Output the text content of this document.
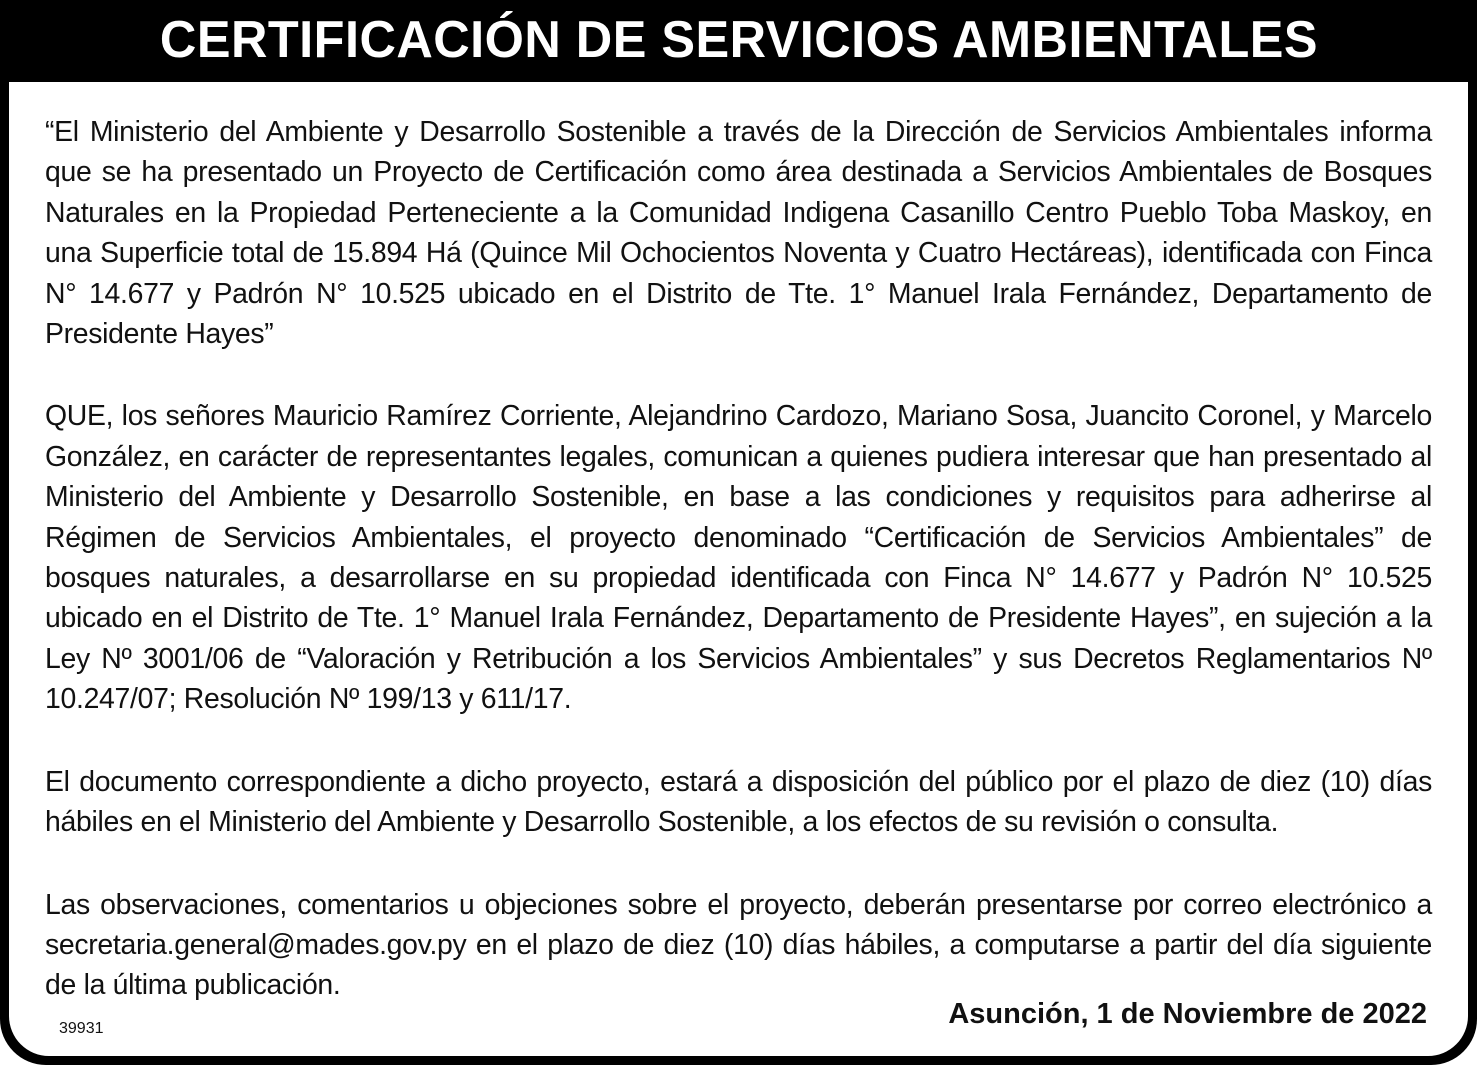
CERTIFICACIÓN DE SERVICIOS AMBIENTALES

“El Ministerio del Ambiente y Desarrollo Sostenible a través de la Dirección de Servicios Ambientales informa que se ha presentado un Proyecto de Certificación como área destinada a Servicios Ambientales de Bosques Naturales en la Propiedad Perteneciente a la Comunidad Indigena Casanillo Centro Pueblo Toba Maskoy, en una Superficie total de 15.894 Há (Quince Mil Ochocientos Noventa y Cuatro Hectáreas), identificada con Finca N° 14.677 y Padrón N° 10.525 ubicado en el Distrito de Tte. 1° Manuel Irala Fernández, Departamento de Presidente Hayes”

QUE, los señores Mauricio Ramírez Corriente, Alejandrino Cardozo, Mariano Sosa, Juancito Coronel, y Marcelo González, en carácter de representantes legales, comunican a quienes pudiera interesar que han presentado al Ministerio del Ambiente y Desarrollo Sostenible, en base a las condiciones y requisitos para adherirse al Régimen de Servicios Ambientales, el proyecto denominado “Certificación de Servicios Ambientales” de bosques naturales, a desarrollarse en su propiedad identificada con Finca N° 14.677 y Padrón N° 10.525 ubicado en el Distrito de Tte. 1° Manuel Irala Fernández, Departamento de Presidente Hayes”, en sujeción a la Ley Nº 3001/06 de “Valoración y Retribución a los Servicios Ambientales” y sus Decretos Reglamentarios Nº 10.247/07; Resolución Nº 199/13 y 611/17.

El documento correspondiente a dicho proyecto, estará a disposición del público por el plazo de diez (10) días hábiles en el Ministerio del Ambiente y Desarrollo Sostenible, a los efectos de su revisión o consulta.

Las observaciones, comentarios u objeciones sobre el proyecto, deberán presentarse por correo electrónico a secretaria.general@mades.gov.py en el plazo de diez (10) días hábiles, a computarse a partir del día siguiente de la última publicación.

39931	Asunción, 1 de Noviembre de 2022
